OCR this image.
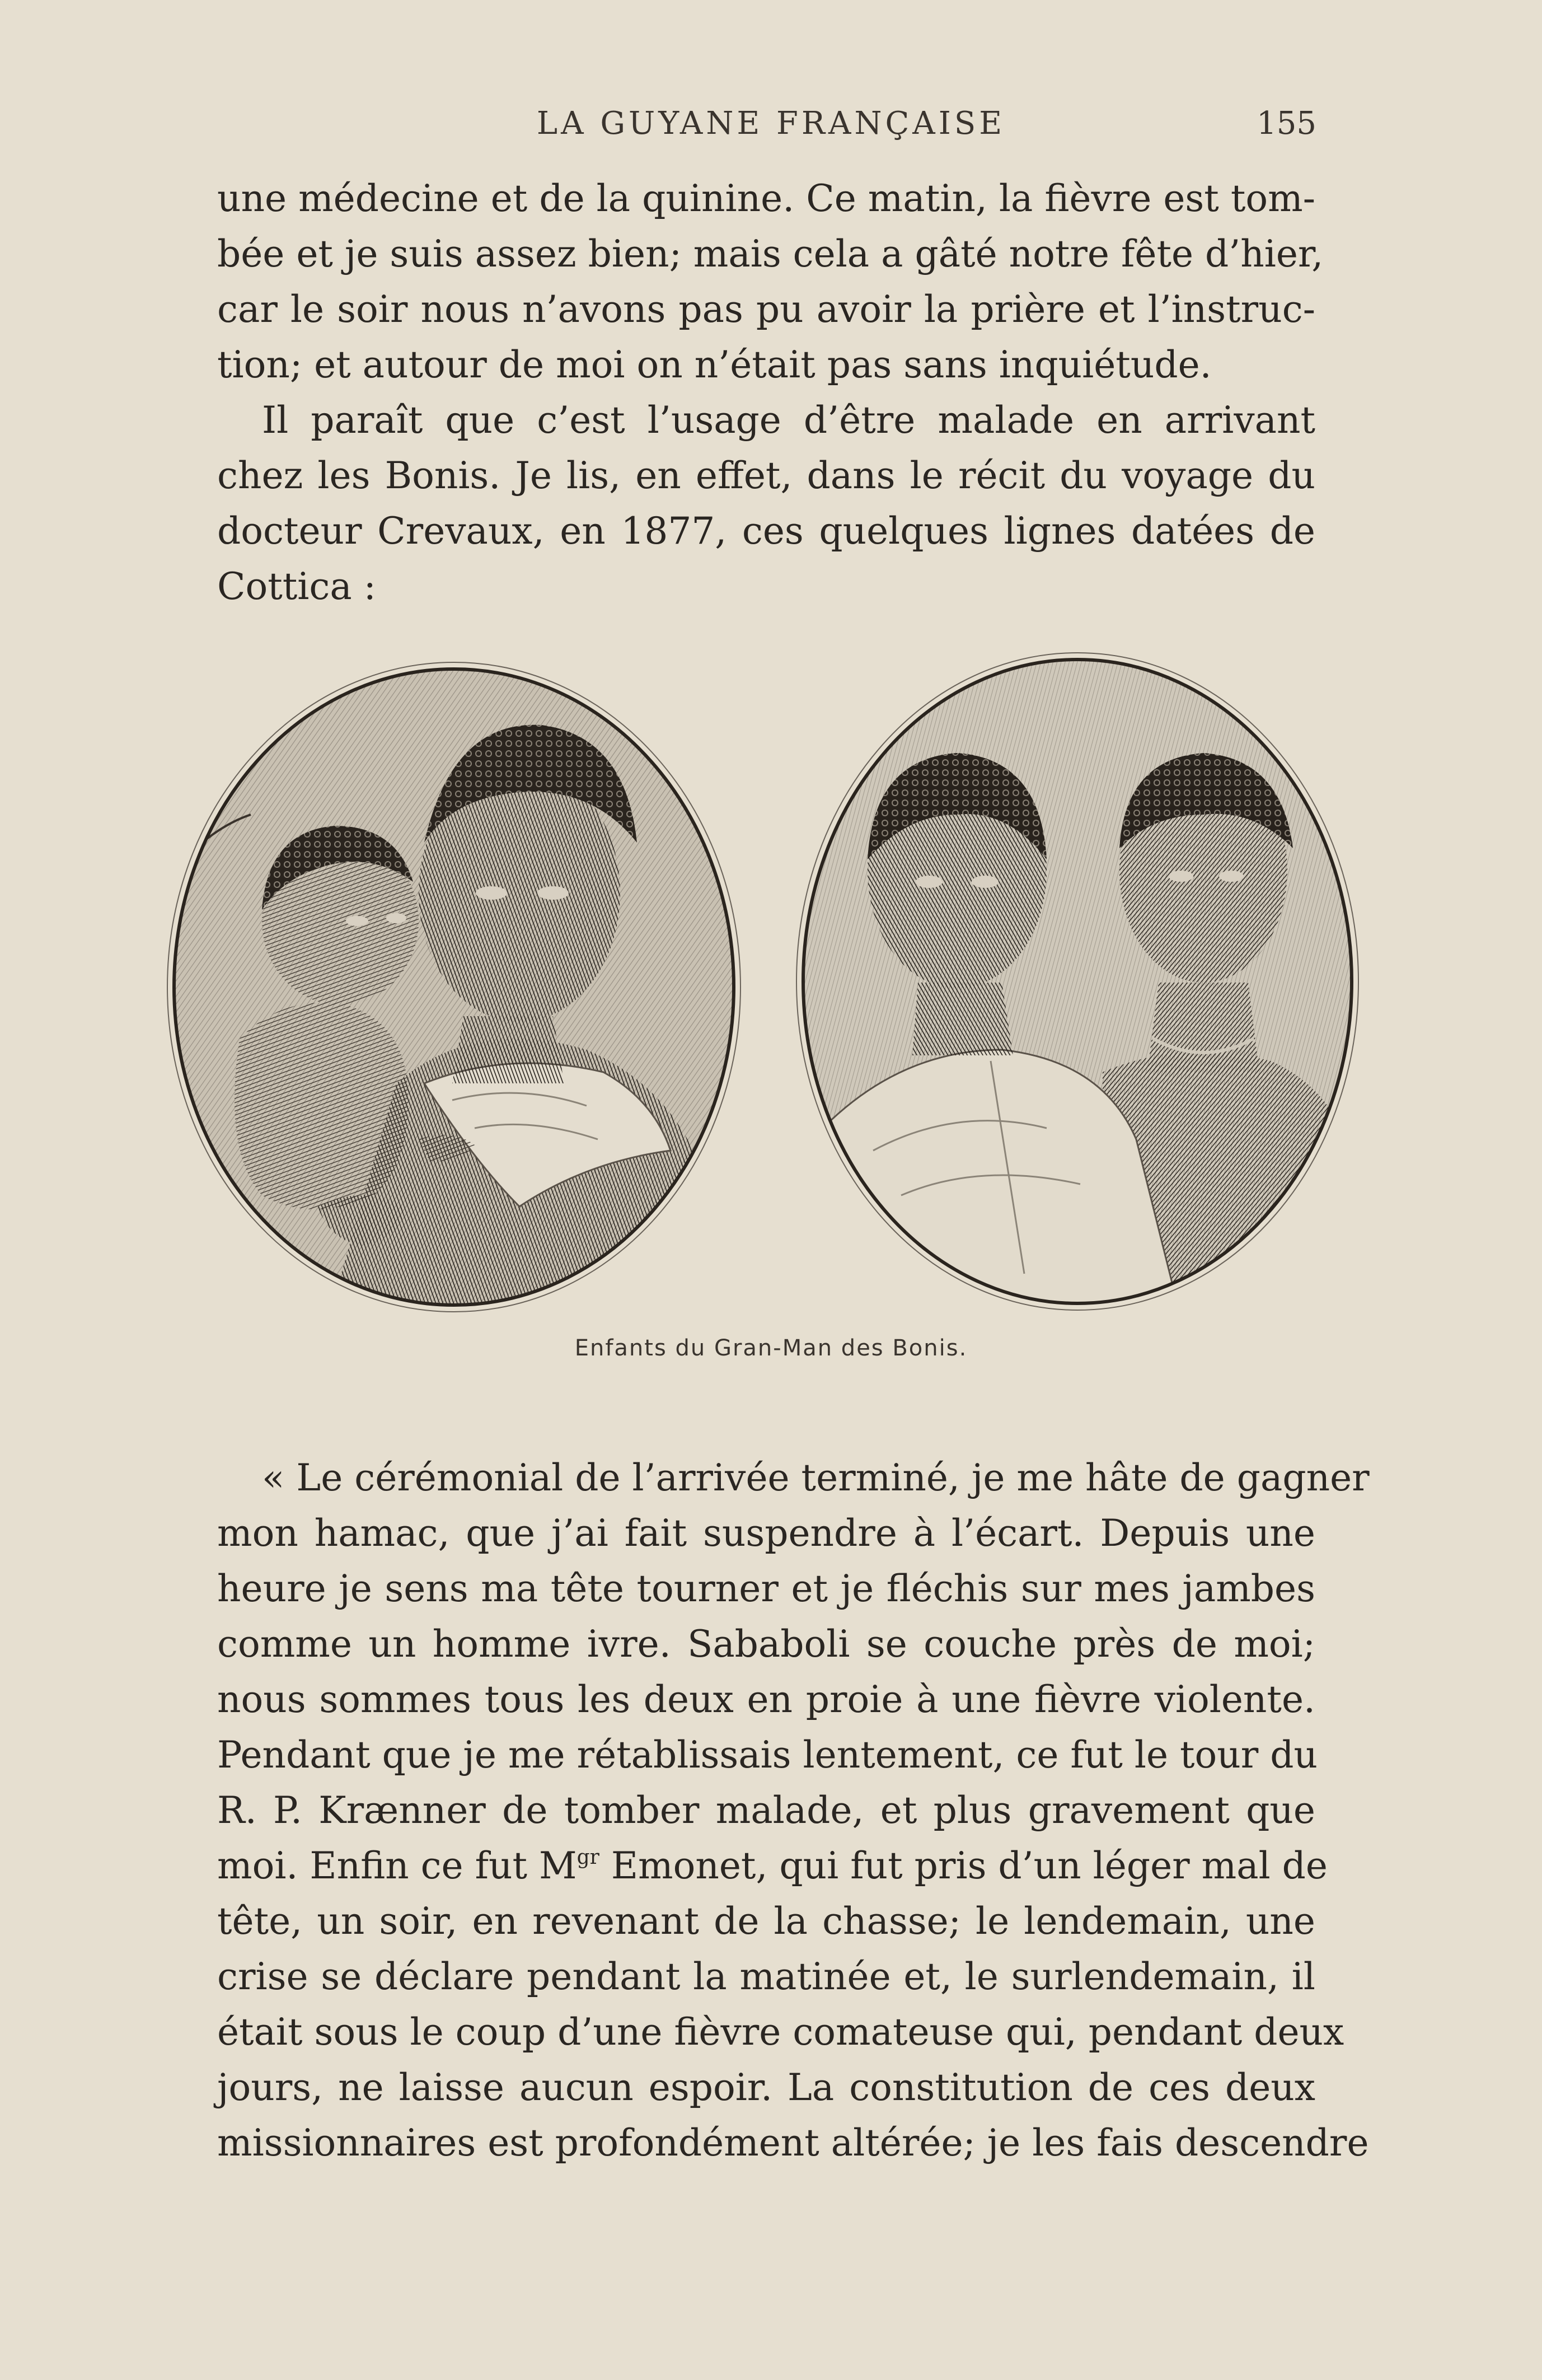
LA GUYANE FRANÇAISE	155
une médecine et de la quinine. Ce matin, la fièvre est tom-
bée et je suis assez bien; mais cela a gâté notre fête d’hier,
car le soir nous n’avons pas pu avoir la prière et l’instruc-
tion; et autour de moi on n’était pas sans inquiétude.
Il paraît que c’est l’usage d’être malade en arrivant
chez les Bonis. Je lis, en effet, dans le récit du voyage du
docteur Crevaux, en 1877, ces quelques lignes datées de
Cottica :
Enfants du Gran-Man des Bonis.
« Le cérémonial de l’arrivée terminé, je me hâte de gagner
mon hamac, que j’ai fait suspendre à l’écart. Depuis une
heure je sens ma tête tourner et je fléchis sur mes jambes
comme un homme ivre. Sababoli se couche près de moi;
nous sommes tous les deux en proie à une fièvre violente.
Pendant que je me rétablissais lentement, ce fut le tour du
R. P. Krænner de tomber malade, et plus gravement que
moi. Enfin ce fut $M^{gr}$ Emonet, qui fut pris d’un léger mal de
tête, un soir, en revenant de la chasse; le lendemain, une
crise se déclare pendant la matinée et, le surlendemain, il
était sous le coup d’une fièvre comateuse qui, pendant deux
jours, ne laisse aucun espoir. La constitution de ces deux
missionnaires est profondément altérée; je les fais descendre
